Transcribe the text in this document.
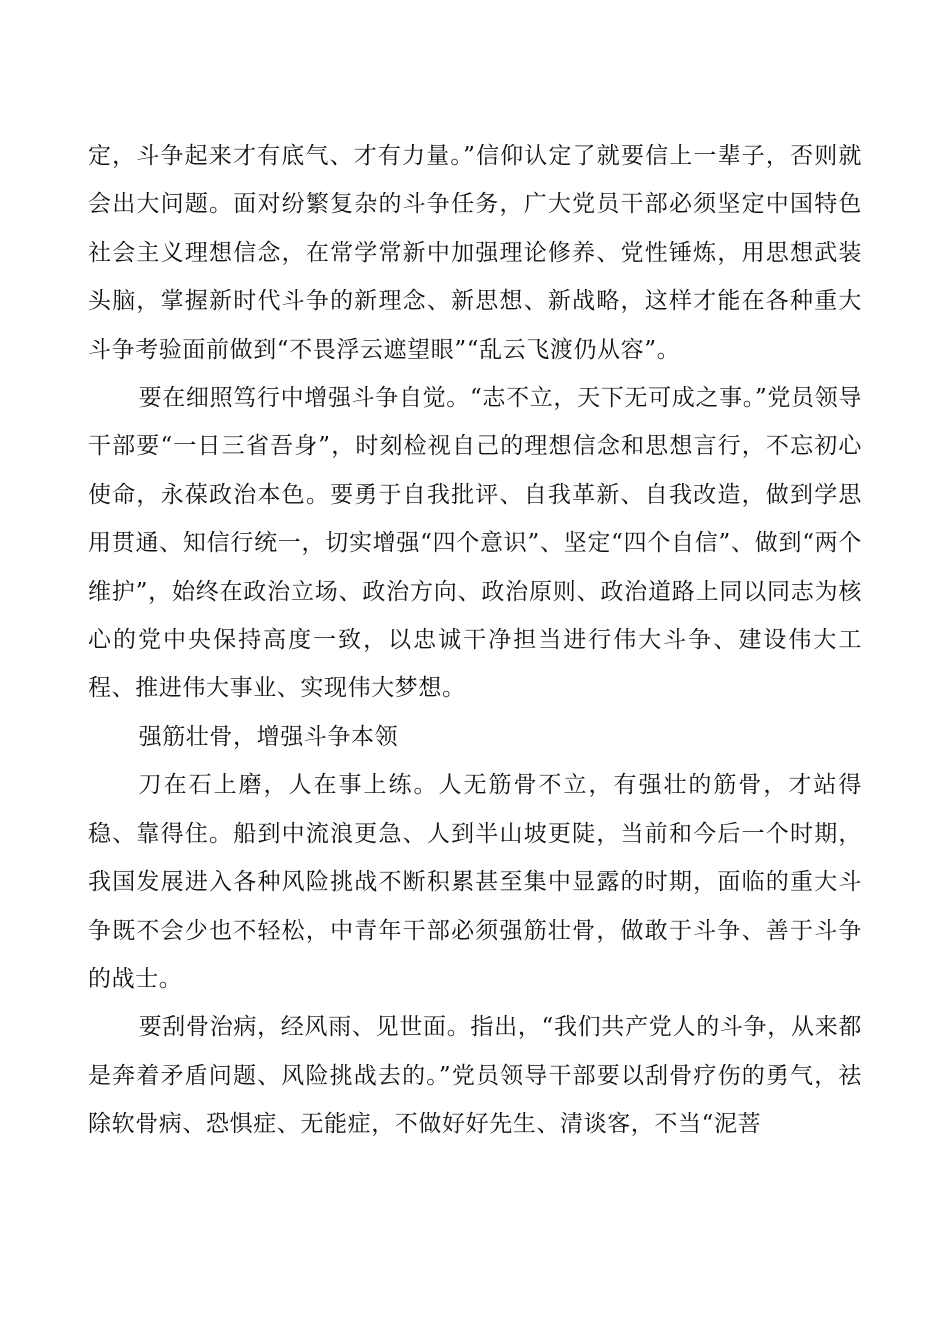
定，斗争起来才有底气、才有力量。”信仰认定了就要信上一辈子，否则就会出大问题。面对纷繁复杂的斗争任务，广大党员干部必须坚定中国特色社会主义理想信念，在常学常新中加强理论修养、党性锤炼，用思想武装头脑，掌握新时代斗争的新理念、新思想、新战略，这样才能在各种重大斗争考验面前做到“不畏浮云遮望眼”“乱云飞渡仍从容”。

要在细照笃行中增强斗争自觉。“志不立，天下无可成之事。”党员领导干部要“一日三省吾身”，时刻检视自己的理想信念和思想言行，不忘初心使命，永葆政治本色。要勇于自我批评、自我革新、自我改造，做到学思用贯通、知信行统一，切实增强“四个意识”、坚定“四个自信”、做到“两个维护”，始终在政治立场、政治方向、政治原则、政治道路上同以同志为核心的党中央保持高度一致，以忠诚干净担当进行伟大斗争、建设伟大工程、推进伟大事业、实现伟大梦想。

强筋壮骨，增强斗争本领

刀在石上磨，人在事上练。人无筋骨不立，有强壮的筋骨，才站得稳、靠得住。船到中流浪更急、人到半山坡更陡，当前和今后一个时期，我国发展进入各种风险挑战不断积累甚至集中显露的时期，面临的重大斗争既不会少也不轻松，中青年干部必须强筋壮骨，做敢于斗争、善于斗争的战士。

要刮骨治病，经风雨、见世面。指出，“我们共产党人的斗争，从来都是奔着矛盾问题、风险挑战去的。”党员领导干部要以刮骨疗伤的勇气，祛除软骨病、恐惧症、无能症，不做好好先生、清谈客，不当“泥菩
